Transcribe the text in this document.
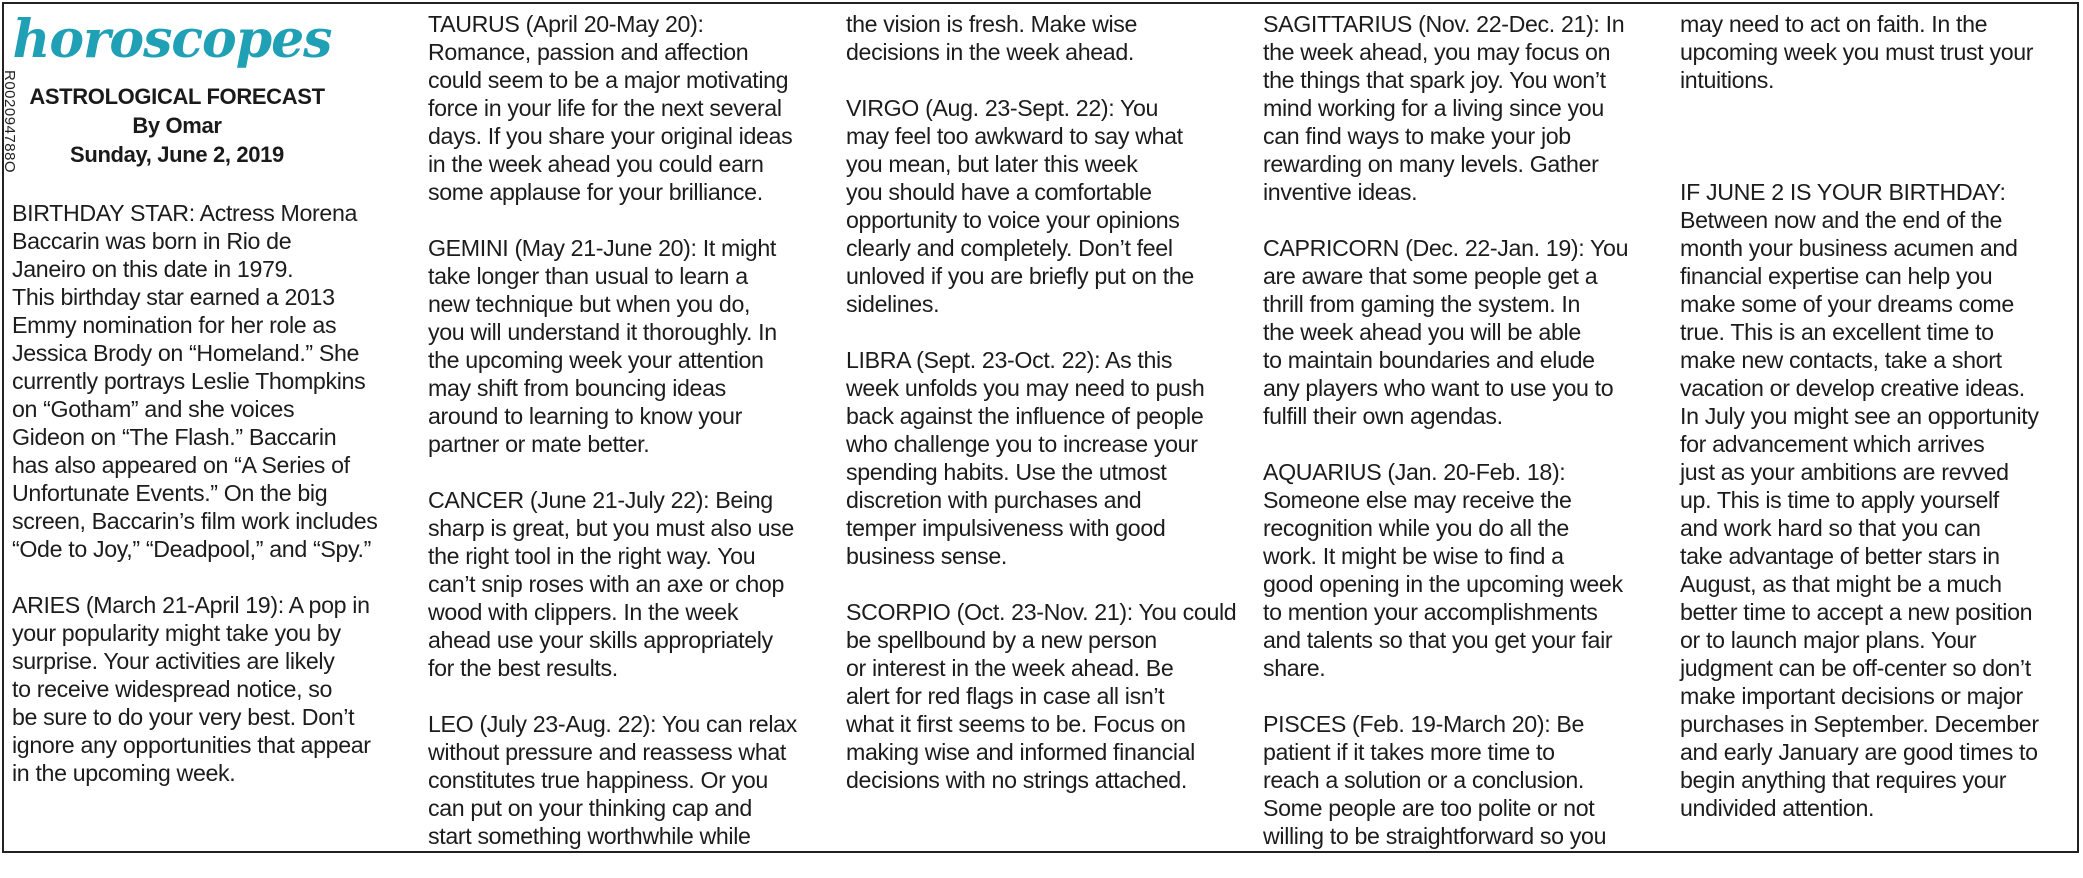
R002094788O
horoscopes
ASTROLOGICAL FORECAST
By Omar
Sunday, June 2, 2019

BIRTHDAY STAR: Actress Morena
Baccarin was born in Rio de
Janeiro on this date in 1979.
This birthday star earned a 2013
Emmy nomination for her role as
Jessica Brody on “Homeland.” She
currently portrays Leslie Thompkins
on “Gotham” and she voices
Gideon on “The Flash.” Baccarin
has also appeared on “A Series of
Unfortunate Events.” On the big
screen, Baccarin’s film work includes
“Ode to Joy,” “Deadpool,” and “Spy.”

ARIES (March 21-April 19): A pop in
your popularity might take you by
surprise. Your activities are likely
to receive widespread notice, so
be sure to do your very best. Don’t
ignore any opportunities that appear
in the upcoming week.

TAURUS (April 20-May 20):
Romance, passion and affection
could seem to be a major motivating
force in your life for the next several
days. If you share your original ideas
in the week ahead you could earn
some applause for your brilliance.

GEMINI (May 21-June 20): It might
take longer than usual to learn a
new technique but when you do,
you will understand it thoroughly. In
the upcoming week your attention
may shift from bouncing ideas
around to learning to know your
partner or mate better.

CANCER (June 21-July 22): Being
sharp is great, but you must also use
the right tool in the right way. You
can’t snip roses with an axe or chop
wood with clippers. In the week
ahead use your skills appropriately
for the best results.

LEO (July 23-Aug. 22): You can relax
without pressure and reassess what
constitutes true happiness. Or you
can put on your thinking cap and
start something worthwhile while

the vision is fresh. Make wise
decisions in the week ahead.

VIRGO (Aug. 23-Sept. 22): You
may feel too awkward to say what
you mean, but later this week
you should have a comfortable
opportunity to voice your opinions
clearly and completely. Don’t feel
unloved if you are briefly put on the
sidelines.

LIBRA (Sept. 23-Oct. 22): As this
week unfolds you may need to push
back against the influence of people
who challenge you to increase your
spending habits. Use the utmost
discretion with purchases and
temper impulsiveness with good
business sense.

SCORPIO (Oct. 23-Nov. 21): You could
be spellbound by a new person
or interest in the week ahead. Be
alert for red flags in case all isn’t
what it first seems to be. Focus on
making wise and informed financial
decisions with no strings attached.

SAGITTARIUS (Nov. 22-Dec. 21): In
the week ahead, you may focus on
the things that spark joy. You won’t
mind working for a living since you
can find ways to make your job
rewarding on many levels. Gather
inventive ideas.

CAPRICORN (Dec. 22-Jan. 19): You
are aware that some people get a
thrill from gaming the system. In
the week ahead you will be able
to maintain boundaries and elude
any players who want to use you to
fulfill their own agendas.

AQUARIUS (Jan. 20-Feb. 18):
Someone else may receive the
recognition while you do all the
work. It might be wise to find a
good opening in the upcoming week
to mention your accomplishments
and talents so that you get your fair
share.

PISCES (Feb. 19-March 20): Be
patient if it takes more time to
reach a solution or a conclusion.
Some people are too polite or not
willing to be straightforward so you

may need to act on faith. In the
upcoming week you must trust your
intuitions.

IF JUNE 2 IS YOUR BIRTHDAY:
Between now and the end of the
month your business acumen and
financial expertise can help you
make some of your dreams come
true. This is an excellent time to
make new contacts, take a short
vacation or develop creative ideas.
In July you might see an opportunity
for advancement which arrives
just as your ambitions are revved
up. This is time to apply yourself
and work hard so that you can
take advantage of better stars in
August, as that might be a much
better time to accept a new position
or to launch major plans. Your
judgment can be off-center so don’t
make important decisions or major
purchases in September. December
and early January are good times to
begin anything that requires your
undivided attention.
